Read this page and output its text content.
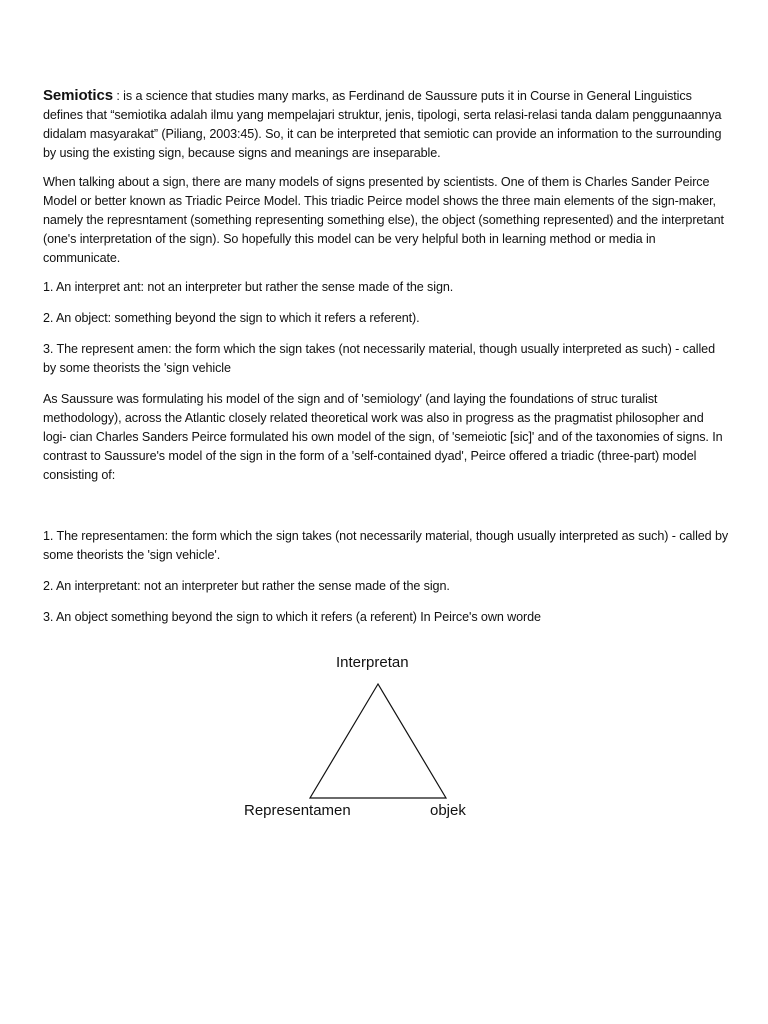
Semiotics : is a science that studies many marks, as Ferdinand de Saussure puts it in Course in General Linguistics defines that “semiotika adalah ilmu yang mempelajari struktur, jenis, tipologi, serta relasi-relasi tanda dalam penggunaannya didalam masyarakat” (Piliang, 2003:45). So, it can be interpreted that semiotic can provide an information to the surrounding by using the existing sign, because signs and meanings are inseparable.

When talking about a sign, there are many models of signs presented by scientists. One of them is Charles Sander Peirce Model or better known as Triadic Peirce Model. This triadic Peirce model shows the three main elements of the sign-maker, namely the represntament (something representing something else), the object (something represented) and the interpretant (one's interpretation of the sign). So hopefully this model can be very helpful both in learning method or media in communicate.

1. An interpret ant: not an interpreter but rather the sense made of the sign.

2. An object: something beyond the sign to which it refers a referent).

3. The represent amen: the form which the sign takes (not necessarily material, though usually interpreted as such) - called by some theorists the 'sign vehicle

As Saussure was formulating his model of the sign and of 'semiology' (and laying the foundations of struc turalist methodology), across the Atlantic closely related theoretical work was also in progress as the pragmatist philosopher and logi- cian Charles Sanders Peirce formulated his own model of the sign, of 'semeiotic [sic]' and of the taxonomies of signs. In contrast to Saussure's model of the sign in the form of a 'self-contained dyad', Peirce offered a triadic (three-part) model consisting of:

1. The representamen: the form which the sign takes (not necessarily material, though usually interpreted as such) - called by some theorists the 'sign vehicle'.

2. An interpretant: not an interpreter but rather the sense made of the sign.

3. An object something beyond the sign to which it refers (a referent) In Peirce's own worde

Interpretan
Representamen	objek
